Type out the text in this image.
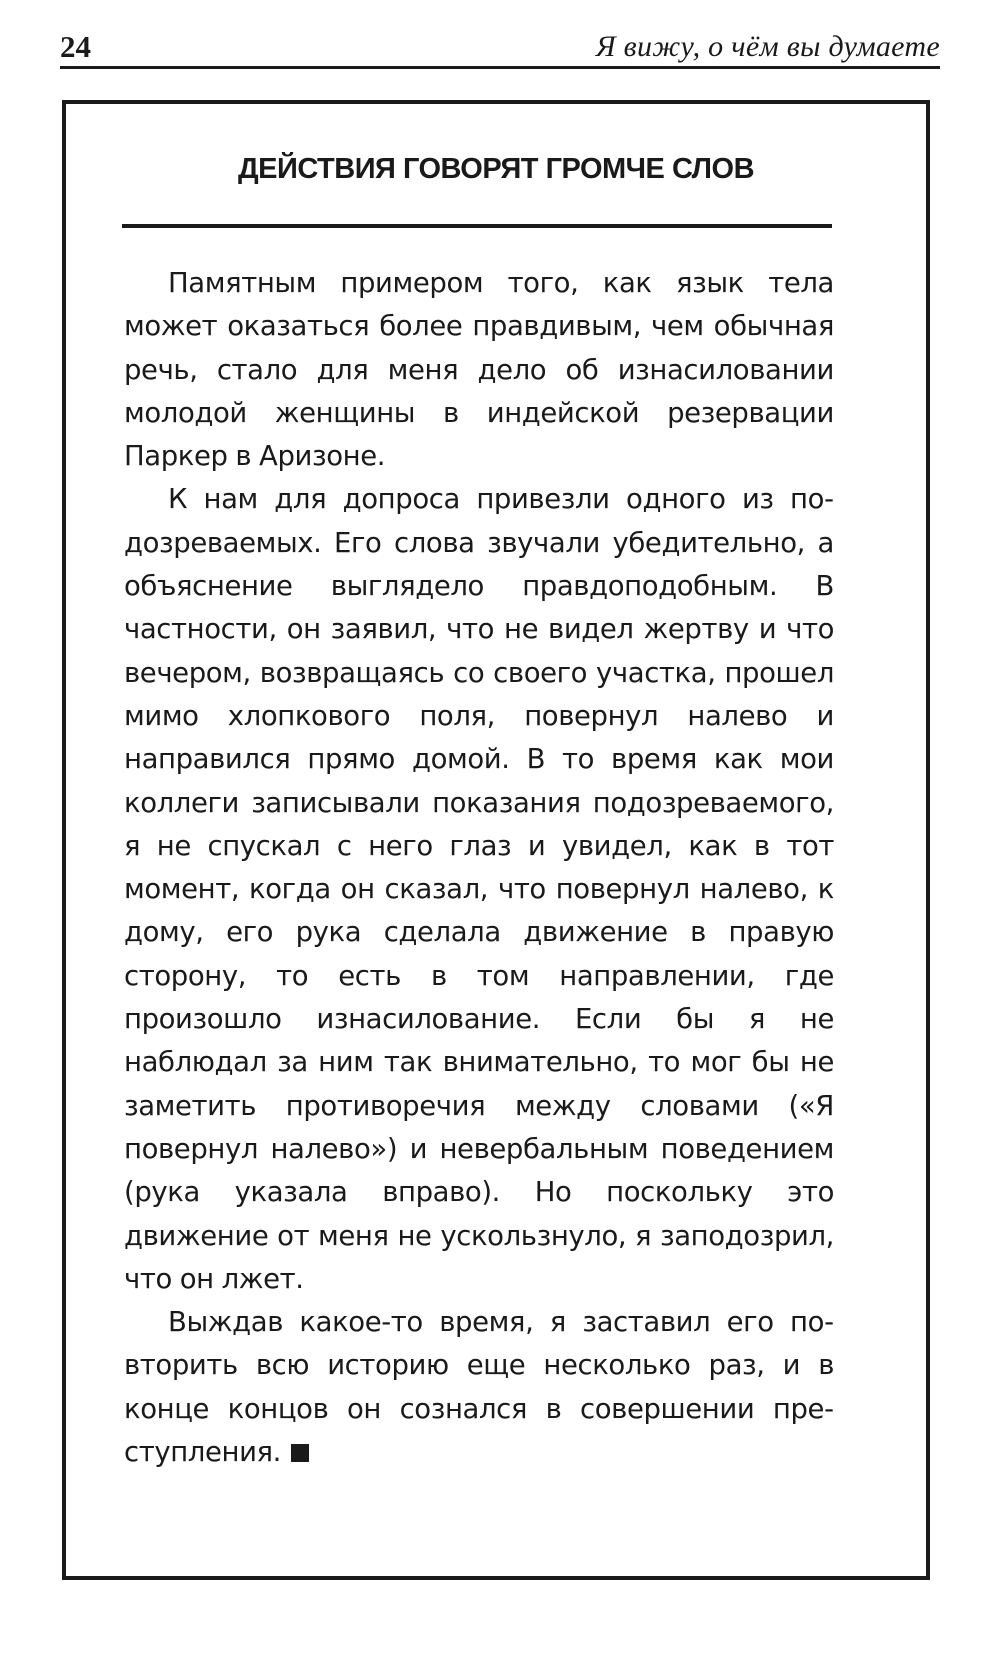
24	Я вижу, о чём вы думаете
ДЕЙСТВИЯ ГОВОРЯТ ГРОМЧЕ СЛОВ

Памятным примером того, как язык тела может оказаться более правдивым, чем обычная речь, стало для меня дело об изнасиловании молодой женщины в индейской резервации Паркер в Аризоне.

К нам для допроса привезли одного из подозреваемых. Его слова звучали убедительно, а объяснение выглядело правдоподобным. В частности, он заявил, что не видел жертву и что вечером, возвращаясь со своего участка, прошел мимо хлопкового поля, повернул налево и направился прямо домой. В то время как мои коллеги записывали показания подозреваемого, я не спускал с него глаз и увидел, как в тот момент, когда он сказал, что повернул налево, к дому, его рука сделала движение в правую сторону, то есть в том направлении, где произошло изнасилование. Если бы я не наблюдал за ним так внимательно, то мог бы не заметить противоречия между словами («Я повернул налево») и невербальным поведением (рука указала вправо). Но поскольку это движение от меня не ускользнуло, я заподозрил, что он лжет.

Выждав какое-то время, я заставил его повторить всю историю еще несколько раз, и в конце концов он сознался в совершении преступления.
